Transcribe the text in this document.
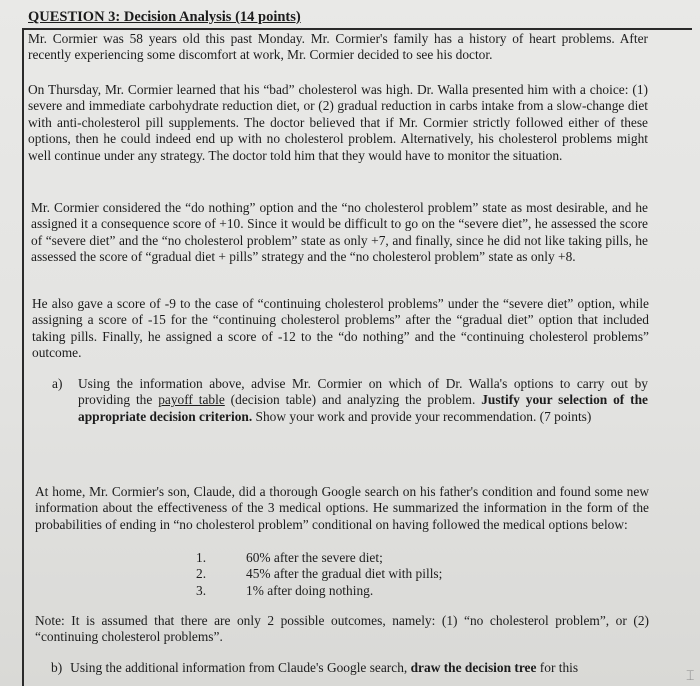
QUESTION 3: Decision Analysis (14 points)
Mr. Cormier was 58 years old this past Monday. Mr. Cormier's family has a history of heart problems. After recently experiencing some discomfort at work, Mr. Cormier decided to see his doctor.
On Thursday, Mr. Cormier learned that his “bad” cholesterol was high. Dr. Walla presented him with a choice: (1) severe and immediate carbohydrate reduction diet, or (2) gradual reduction in carbs intake from a slow-change diet with anti-cholesterol pill supplements. The doctor believed that if Mr. Cormier strictly followed either of these options, then he could indeed end up with no cholesterol problem. Alternatively, his cholesterol problems might well continue under any strategy. The doctor told him that they would have to monitor the situation.
Mr. Cormier considered the “do nothing” option and the “no cholesterol problem” state as most desirable, and he assigned it a consequence score of +10. Since it would be difficult to go on the “severe diet”, he assessed the score of “severe diet” and the “no cholesterol problem” state as only +7, and finally, since he did not like taking pills, he assessed the score of “gradual diet + pills” strategy and the “no cholesterol problem” state as only +8.
He also gave a score of -9 to the case of “continuing cholesterol problems” under the “severe diet” option, while assigning a score of -15 for the “continuing cholesterol problems” after the “gradual diet” option that included taking pills. Finally, he assigned a score of -12 to the “do nothing” and the “continuing cholesterol problems” outcome.
a) Using the information above, advise Mr. Cormier on which of Dr. Walla's options to carry out by providing the payoff table (decision table) and analyzing the problem. Justify your selection of the appropriate decision criterion. Show your work and provide your recommendation. (7 points)
At home, Mr. Cormier's son, Claude, did a thorough Google search on his father's condition and found some new information about the effectiveness of the 3 medical options. He summarized the information in the form of the probabilities of ending in “no cholesterol problem” conditional on having followed the medical options below:
1.	60% after the severe diet;
2.	45% after the gradual diet with pills;
3.	1% after doing nothing.
Note: It is assumed that there are only 2 possible outcomes, namely: (1) “no cholesterol problem”, or (2) “continuing cholesterol problems”.
b) Using the additional information from Claude's Google search, draw the decision tree for this
⌶
